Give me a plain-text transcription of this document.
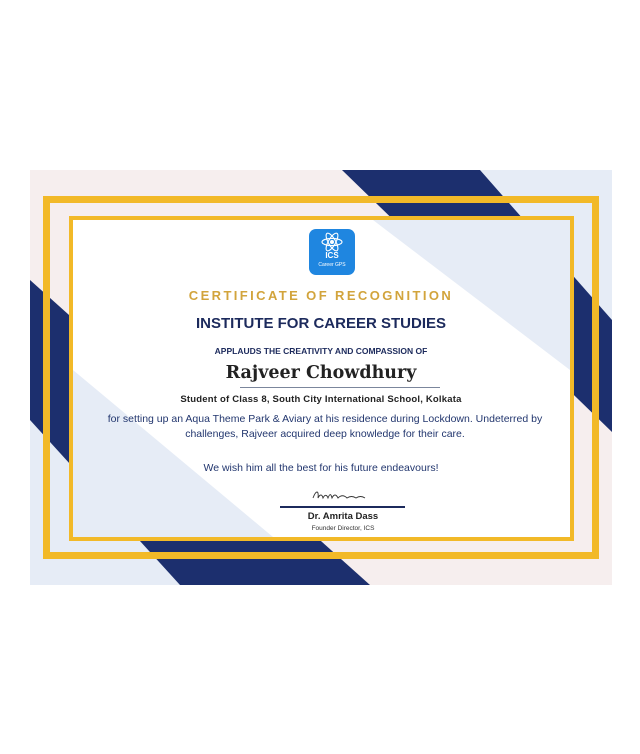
ICS
Career GPS
CERTIFICATE OF RECOGNITION
INSTITUTE FOR CAREER STUDIES
APPLAUDS THE CREATIVITY AND COMPASSION OF
Rajveer Chowdhury
Student of Class 8, South City International School, Kolkata
for setting up an Aqua Theme Park & Aviary at his residence during Lockdown. Undeterred by challenges, Rajveer acquired deep knowledge for their care.
We wish him all the best for his future endeavours!
Dr. Amrita Dass
Founder Director, ICS
